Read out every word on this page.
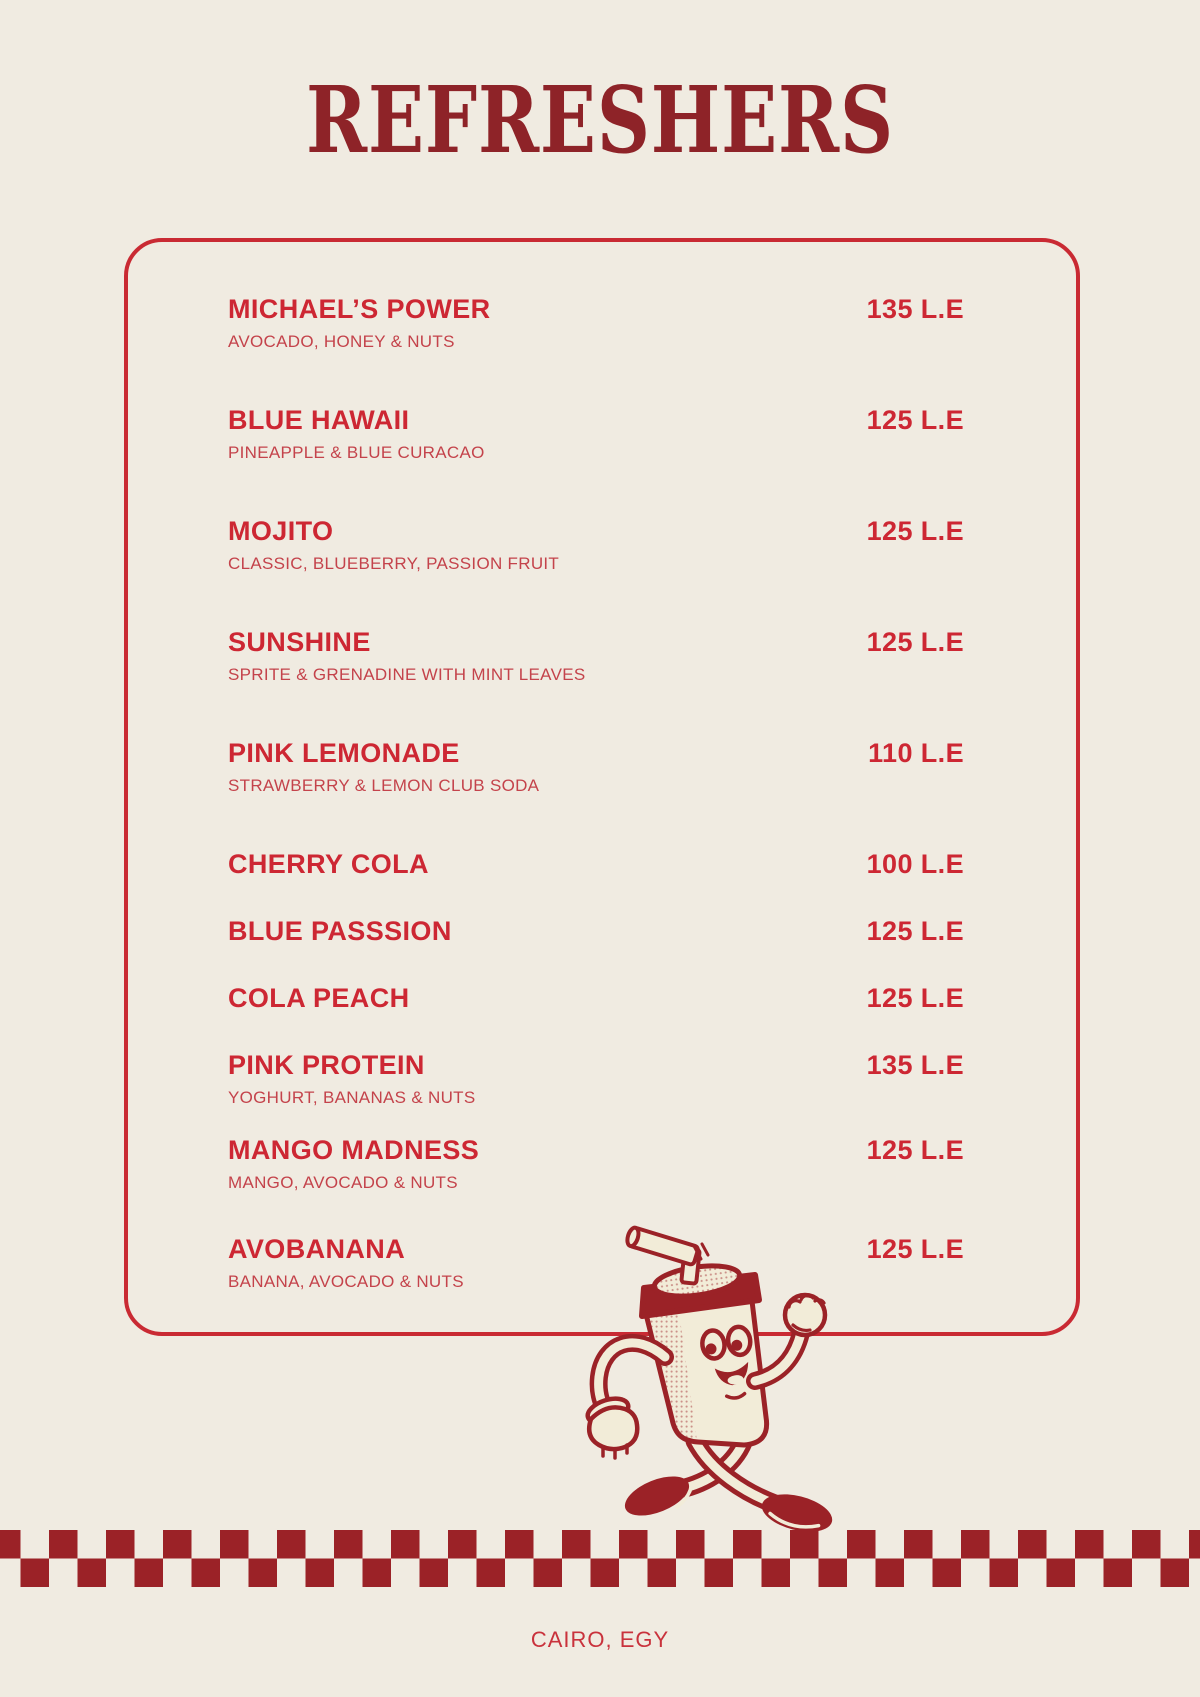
REFRESHERS
MICHAEL’S POWER	135 L.E
AVOCADO, HONEY & NUTS
BLUE HAWAII	125 L.E
PINEAPPLE & BLUE CURACAO
MOJITO	125 L.E
CLASSIC, BLUEBERRY, PASSION FRUIT
SUNSHINE	125 L.E
SPRITE & GRENADINE WITH MINT LEAVES
PINK LEMONADE	110 L.E
STRAWBERRY & LEMON CLUB SODA
CHERRY COLA	100 L.E
BLUE PASSSION	125 L.E
COLA PEACH	125 L.E
PINK PROTEIN	135 L.E
YOGHURT, BANANAS & NUTS
MANGO MADNESS	125 L.E
MANGO, AVOCADO & NUTS
AVOBANANA	125 L.E
BANANA, AVOCADO & NUTS
CAIRO, EGY
